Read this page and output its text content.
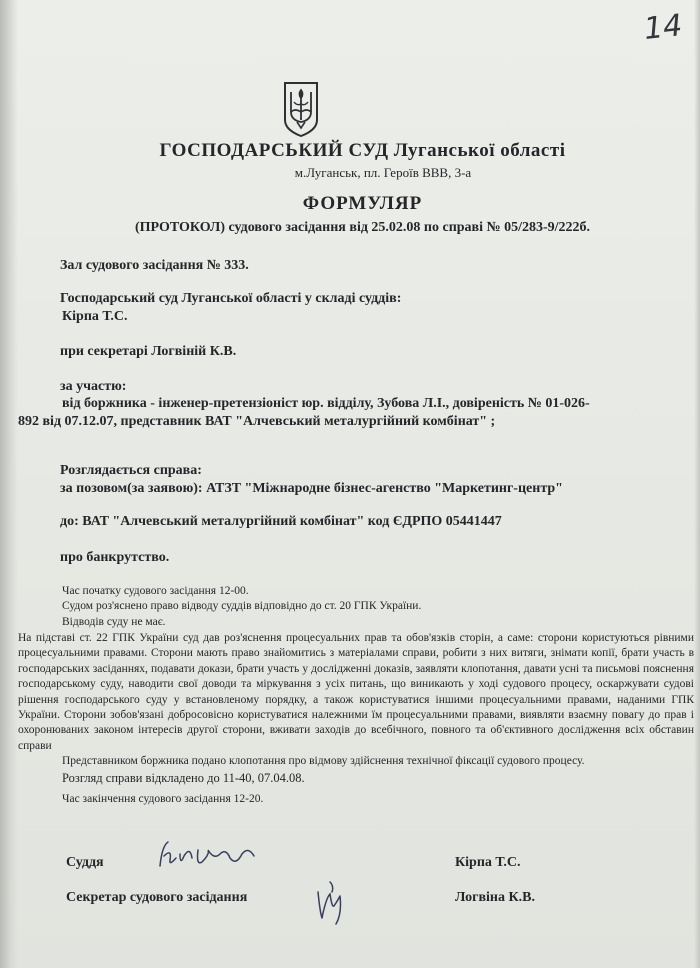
14
ГОСПОДАРСЬКИЙ СУД Луганської області
м.Луганськ, пл. Героїв ВВВ, 3-а
ФОРМУЛЯР
(ПРОТОКОЛ) судового засідання від 25.02.08 по справі № 05/283-9/222б.
Зал судового засідання № 333.
Господарський суд Луганської області у складі суддів:
Кірпа Т.С.
при секретарі Логвіній К.В.
за участю:
від боржника - інженер-претензіоніст юр. відділу, Зубова Л.І., довіреність № 01-026-
892 від 07.12.07, представник ВАТ "Алчевський металургійний комбінат" ;
Розглядається справа:
за позовом(за заявою): АТЗТ "Міжнародне бізнес-агенство "Маркетинг-центр"
до: ВАТ "Алчевський металургійний комбінат" код ЄДРПО 05441447
про банкрутство.
Час початку судового засідання 12-00.
Судом роз'яснено право відводу суддів відповідно до ст. 20 ГПК України.
Відводів суду не має.
На підставі ст. 22 ГПК України суд дав роз'яснення процесуальних прав та обов'язків сторін, а саме: сторони користуються рівними процесуальними правами. Сторони мають право знайомитись з матеріалами справи, робити з них витяги, знімати копії, брати участь в господарських засіданнях, подавати докази, брати участь у дослідженні доказів, заявляти клопотання, давати усні та письмові пояснення господарському суду, наводити свої доводи та міркування з усіх питань, що виникають у ході судового процесу, оскаржувати судові рішення господарського суду у встановленому порядку, а також користуватися іншими процесуальними правами, наданими ГПК України. Сторони зобов'язані добросовісно користуватися належними їм процесуальними правами, виявляти взаємну повагу до прав і охоронюваних законом інтересів другої сторони, вживати заходів до всебічного, повного та об'єктивного дослідження всіх обставин справи
Представником боржника подано клопотання про відмову здійснення технічної фіксації судового процесу.
Розгляд справи відкладено до 11-40, 07.04.08.
Час закінчення судового засідання 12-20.
Суддя	Кірпа Т.С.
Секретар судового засідання	Логвіна К.В.
